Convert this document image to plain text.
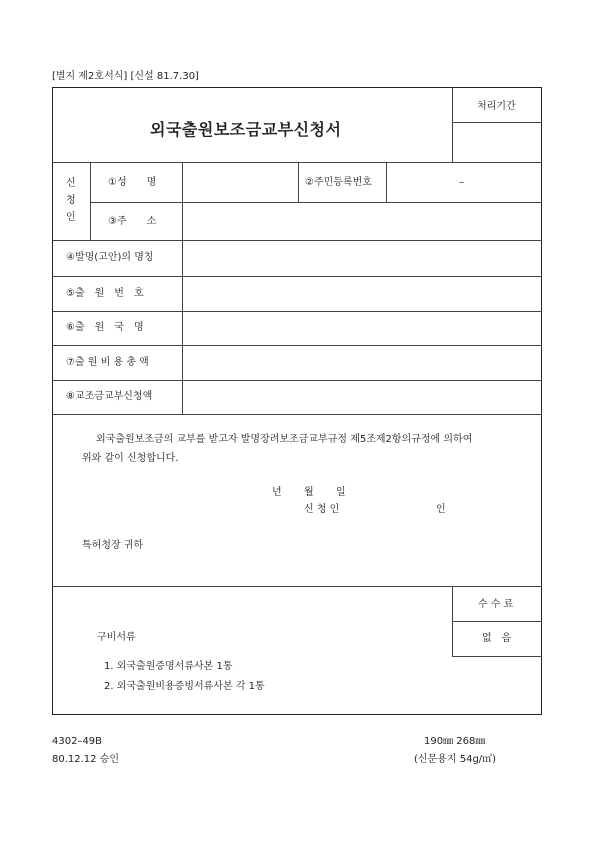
[별지 제2호서식] [신설 81.7.30]
외국출원보조금교부신청서
처리기간
신
청
인
①성　　명	②주민등록번호	–
③주　　소
④발명(고안)의 명칭
⑤출　원　번　호
⑥출　원　국　명
⑦출 원 비 용 총 액
⑧교조금교부신청액
외국출원보조금의 교부를 받고자 발명장려보조금교부규정 제5조제2항의규정에 의하여
위와 같이 신청합니다.
년 월 일
신 청 인	인
특허청장 귀하
수 수 료
없　음
구비서류
1. 외국출원증명서류사본 1통
2. 외국출원비용증빙서류사본 각 1통
4302–49B
80.12.12 승인
190㎜ 268㎜
(신문용지 54g/㎡)
